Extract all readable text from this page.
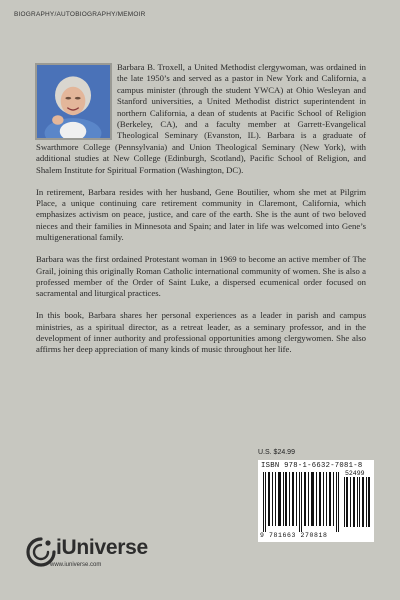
BIOGRAPHY/AUTOBIOGRAPHY/MEMOIR

Barbara B. Troxell, a United Methodist clergywoman, was ordained in the late 1950’s and served as a pastor in New York and California, a campus minister (through the student YWCA) at Ohio Wesleyan and Stanford universities, a United Methodist district superintendent in northern California, a dean of students at Pacific School of Religion (Berkeley, CA), and a faculty member at Garrett-Evangelical Theological Seminary (Evanston, IL). Barbara is a graduate of Swarthmore College (Pennsylvania) and Union Theological Seminary (New York), with additional studies at New College (Edinburgh, Scotland), Pacific School of Religion, and Shalem Institute for Spiritual Formation (Washington, DC).

In retirement, Barbara resides with her husband, Gene Boutilier, whom she met at Pilgrim Place, a unique continuing care retirement community in Claremont, California, which emphasizes activism on peace, justice, and care of the earth. She is the aunt of two beloved nieces and their families in Minnesota and Spain; and later in life was welcomed into Gene’s multigenerational family.

Barbara was the first ordained Protestant woman in 1969 to become an active member of The Grail, joining this originally Roman Catholic international community of women. She is also a professed member of the Order of Saint Luke, a dispersed ecumenical order focused on sacramental and liturgical practices.

In this book, Barbara shares her personal experiences as a leader in parish and campus ministries, as a spiritual director, as a retreat leader, as a seminary professor, and in the development of inner authority and professional opportunities among clergywomen. She also affirms her deep appreciation of many kinds of music throughout her life.

U.S. $24.99
ISBN 978-1-6632-7081-8
52499
9 781663 270818
iUniverse
www.iuniverse.com
